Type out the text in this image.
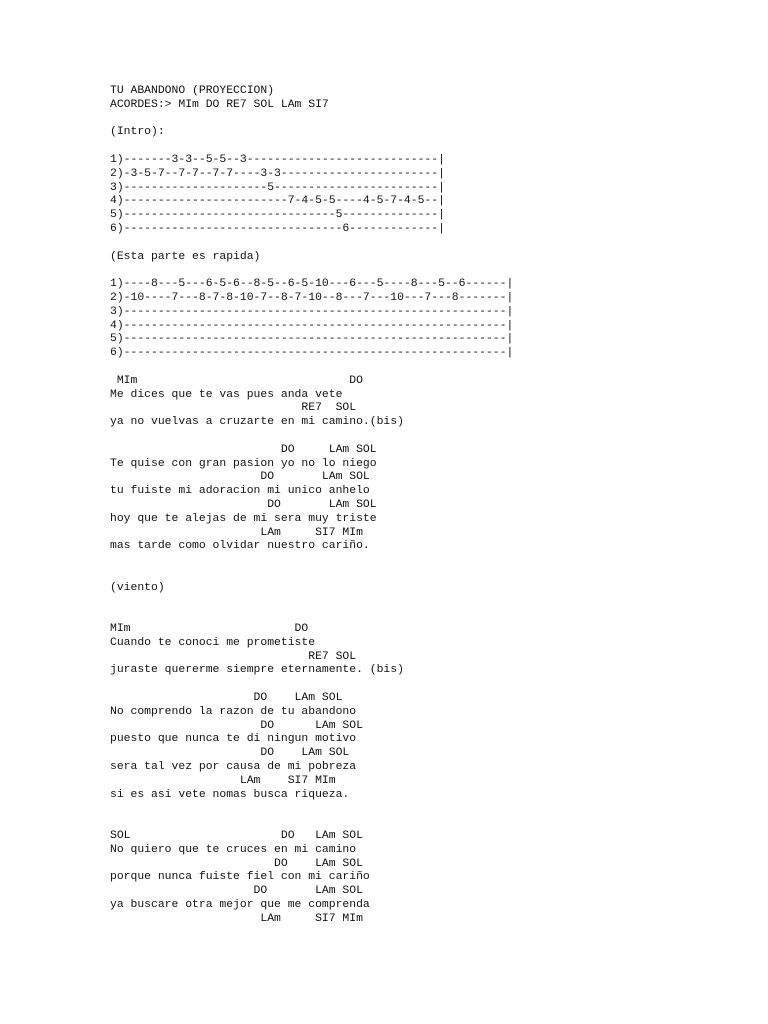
TU ABANDONO (PROYECCION)
ACORDES:> MIm DO RE7 SOL LAm SI7
(Intro):
1)-------3-3--5-5--3----------------------------|
2)-3-5-7--7-7--7-7----3-3-----------------------|
3)---------------------5------------------------|
4)------------------------7-4-5-5----4-5-7-4-5--|
5)-------------------------------5--------------|
6)--------------------------------6-------------|
(Esta parte es rapida)
1)----8---5---6-5-6--8-5--6-5-10---6---5----8---5--6------|
2)-10----7---8-7-8-10-7--8-7-10--8---7---10---7---8-------|
3)--------------------------------------------------------|
4)--------------------------------------------------------|
5)--------------------------------------------------------|
6)--------------------------------------------------------|
MIm                               DO
Me dices que te vas pues anda vete
RE7  SOL
ya no vuelvas a cruzarte en mi camino.(bis)
DO     LAm SOL
Te quise con gran pasion yo no lo niego
DO       LAm SOL
tu fuiste mi adoracion mi unico anhelo
DO       LAm SOL
hoy que te alejas de mi sera muy triste
LAm     SI7 MIm
mas tarde como olvidar nuestro cariño.
(viento)
MIm                        DO
Cuando te conoci me prometiste
RE7 SOL
juraste quererme siempre eternamente. (bis)
DO    LAm SOL
No comprendo la razon de tu abandono
DO      LAm SOL
puesto que nunca te di ningun motivo
DO    LAm SOL
sera tal vez por causa de mi pobreza
LAm    SI7 MIm
si es asi vete nomas busca riqueza.
SOL                      DO   LAm SOL
No quiero que te cruces en mi camino
DO    LAm SOL
porque nunca fuiste fiel con mi cariño
DO       LAm SOL
ya buscare otra mejor que me comprenda
LAm     SI7 MIm
